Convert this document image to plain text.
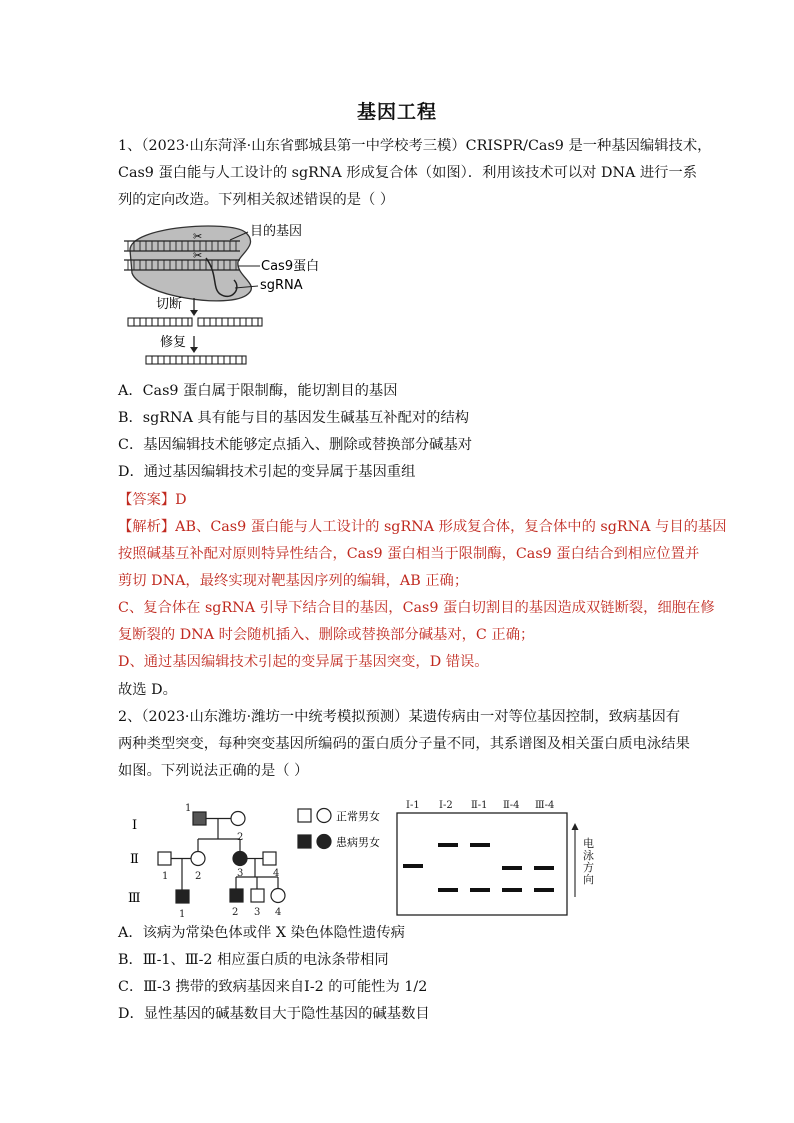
基因工程
1、（2023·山东菏泽·山东省鄄城县第一中学校考三模）CRISPR/Cas9 是一种基因编辑技术，
Cas9 蛋白能与人工设计的 sgRNA 形成复合体（如图）．利用该技术可以对 DNA 进行一系
列的定向改造。下列相关叙述错误的是（ ）
✂
✂
目的基因
Cas9蛋白
sgRNA
切断
修复
A．Cas9 蛋白属于限制酶，能切割目的基因
B．sgRNA 具有能与目的基因发生碱基互补配对的结构
C．基因编辑技术能够定点插入、删除或替换部分碱基对
D．通过基因编辑技术引起的变异属于基因重组
【答案】D
【解析】AB、Cas9 蛋白能与人工设计的 sgRNA 形成复合体，复合体中的 sgRNA 与目的基因
按照碱基互补配对原则特异性结合，Cas9 蛋白相当于限制酶，Cas9 蛋白结合到相应位置并
剪切 DNA，最终实现对靶基因序列的编辑，AB 正确；
C、复合体在 sgRNA 引导下结合目的基因，Cas9 蛋白切割目的基因造成双链断裂，细胞在修
复断裂的 DNA 时会随机插入、删除或替换部分碱基对，C 正确；
D、通过基因编辑技术引起的变异属于基因突变，D 错误。
故选 D。
2、（2023·山东潍坊·潍坊一中统考模拟预测）某遗传病由一对等位基因控制，致病基因有
两种类型突变，每种突变基因所编码的蛋白质分子量不同，其系谱图及相关蛋白质电泳结果
如图。下列说法正确的是（ ）
Ⅰ
Ⅱ
Ⅲ
1
2
1	2	3	4
1	2 3 4
正常男女
患病男女
Ⅰ-1 Ⅰ-2 Ⅱ-1 Ⅱ-4 Ⅲ-4
电泳方向
A．该病为常染色体或伴 X 染色体隐性遗传病
B．Ⅲ-1、Ⅲ-2 相应蛋白质的电泳条带相同
C．Ⅲ-3 携带的致病基因来自Ⅰ-2 的可能性为 1/2
D．显性基因的碱基数目大于隐性基因的碱基数目
